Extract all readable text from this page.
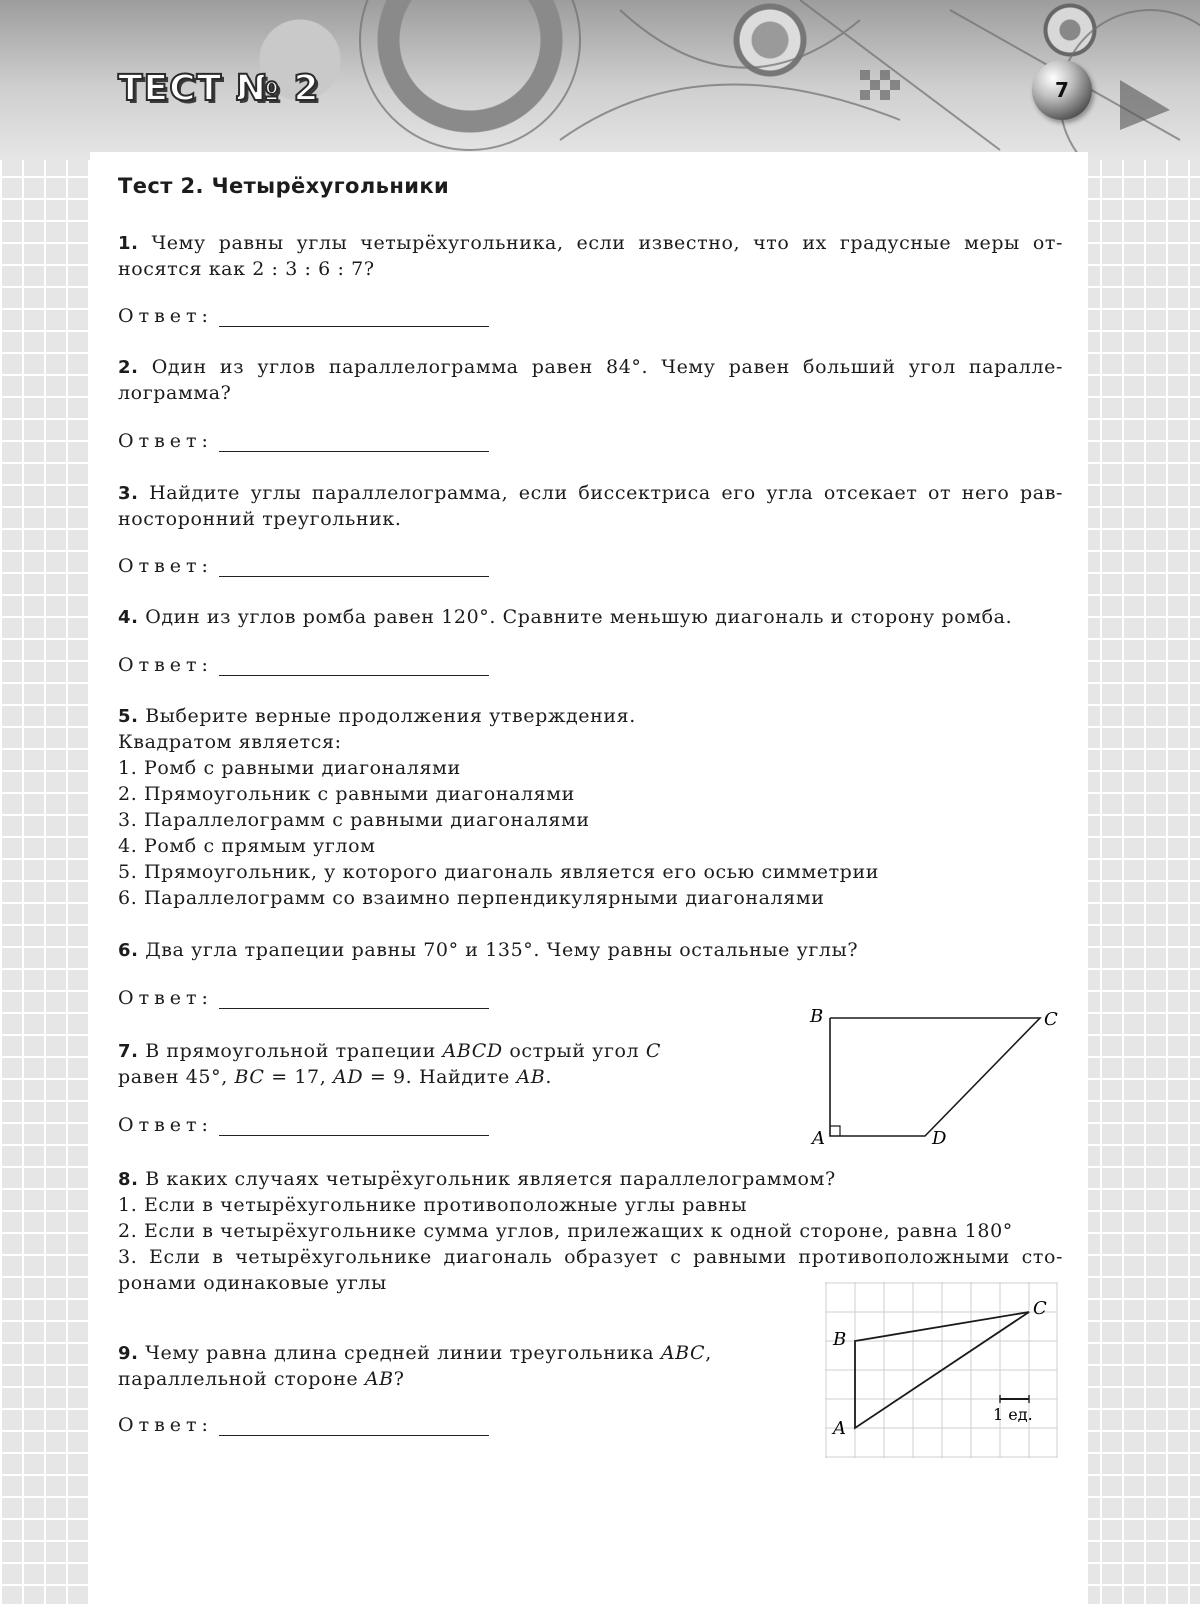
ТЕСТ № 2	7
Тест 2. Четырёхугольники
1. Чему равны углы четырёхугольника, если известно, что их градусные меры от-
носятся как 2 : 3 : 6 : 7?
Ответ:
2. Один из углов параллелограмма равен 84°. Чему равен больший угол паралле-
лограмма?
Ответ:
3. Найдите углы параллелограмма, если биссектриса его угла отсекает от него рав-
носторонний треугольник.
Ответ:
4. Один из углов ромба равен 120°. Сравните меньшую диагональ и сторону ромба.
Ответ:
5. Выберите верные продолжения утверждения.
Квадратом является:
1. Ромб с равными диагоналями
2. Прямоугольник с равными диагоналями
3. Параллелограмм с равными диагоналями
4. Ромб с прямым углом
5. Прямоугольник, у которого диагональ является его осью симметрии
6. Параллелограмм со взаимно перпендикулярными диагоналями
6. Два угла трапеции равны 70° и 135°. Чему равны остальные углы?
Ответ:
7. В прямоугольной трапеции ABCD острый угол C
равен 45°, BC = 17, AD = 9. Найдите AB.
Ответ:
B	C
A	D
8. В каких случаях четырёхугольник является параллелограммом?
1. Если в четырёхугольнике противоположные углы равны
2. Если в четырёхугольнике сумма углов, прилежащих к одной стороне, равна 180°
3. Если в четырёхугольнике диагональ образует с равными противоположными сто-
ронами одинаковые углы
9. Чему равна длина средней линии треугольника ABC,
параллельной стороне AB?
Ответ:
B
C
A
1 ед.
